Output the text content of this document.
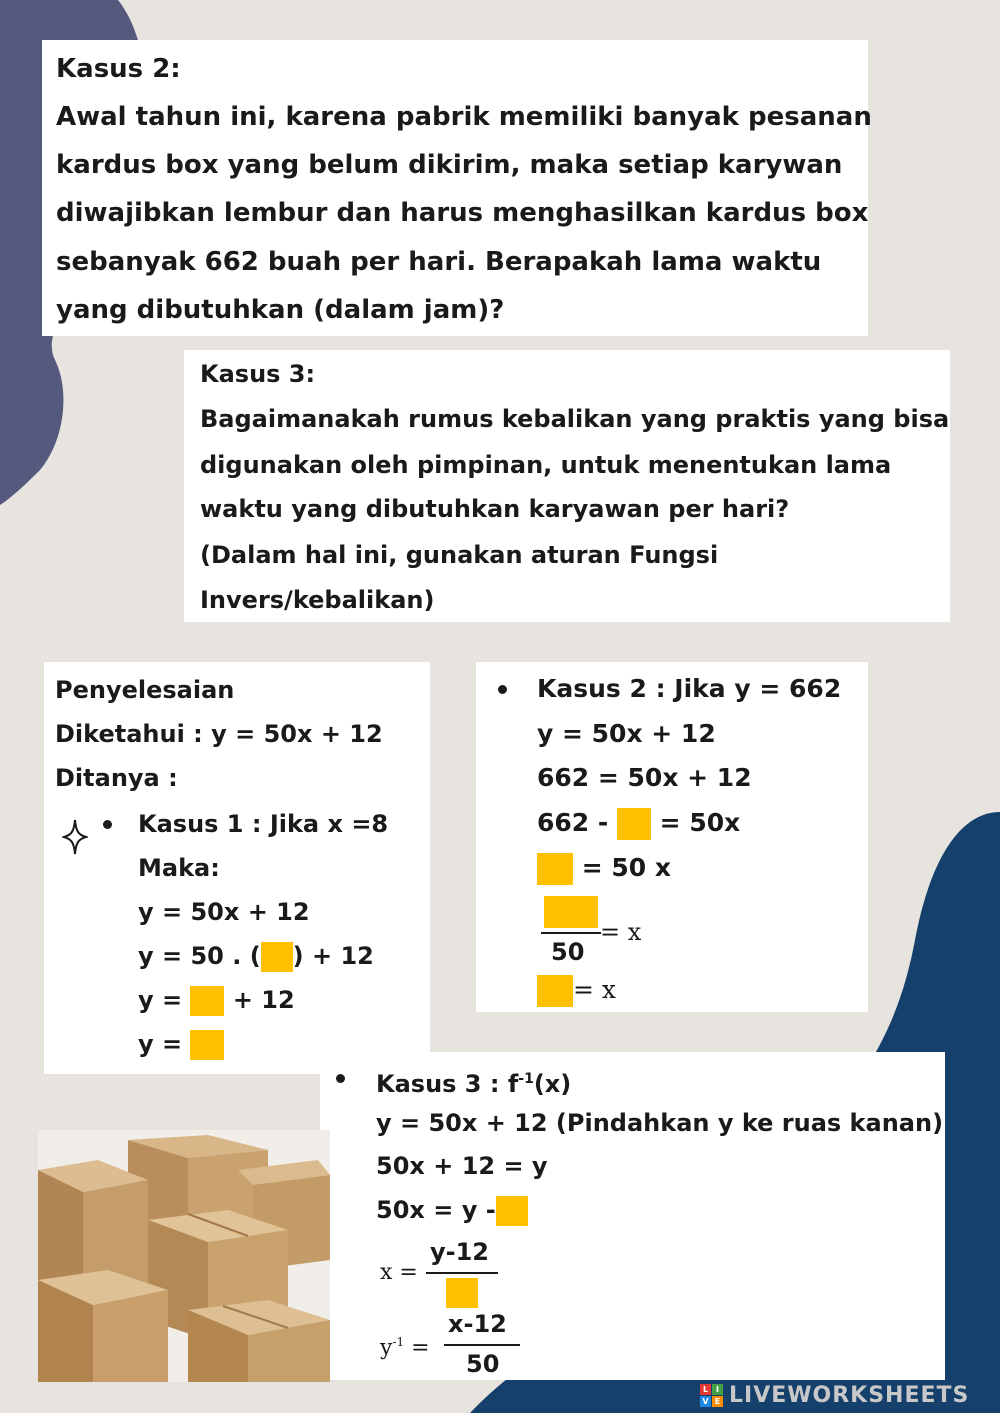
Kasus 2:
Awal tahun ini, karena pabrik memiliki banyak pesanan
kardus box yang belum dikirim, maka setiap karywan
diwajibkan lembur dan harus menghasilkan kardus box
sebanyak 662 buah per hari. Berapakah lama waktu
yang dibutuhkan (dalam jam)?
Kasus 3:
Bagaimanakah rumus kebalikan yang praktis yang bisa
digunakan oleh pimpinan, untuk menentukan lama
waktu yang dibutuhkan karyawan per hari?
(Dalam hal ini, gunakan aturan Fungsi
Invers/kebalikan)
Penyelesaian
Diketahui : y = 50x + 12
Ditanya :
Kasus 1 : Jika x =8
Maka:
y = 50x + 12
y = 50 . ( ) + 12
y =  + 12
y =
Kasus 2 : Jika y = 662
y = 50x + 12
662 = 50x + 12
662 -  = 50x
= 50 x
50
= x
= x
Kasus 3 : $f^{-1}(x)$
y = 50x + 12 (Pindahkan y ke ruas kanan)
50x + 12 = y
50x = y -
x =
y-12
$y^{-1}$ =
x-12
50
L I
V E LIVEWORKSHEETS
